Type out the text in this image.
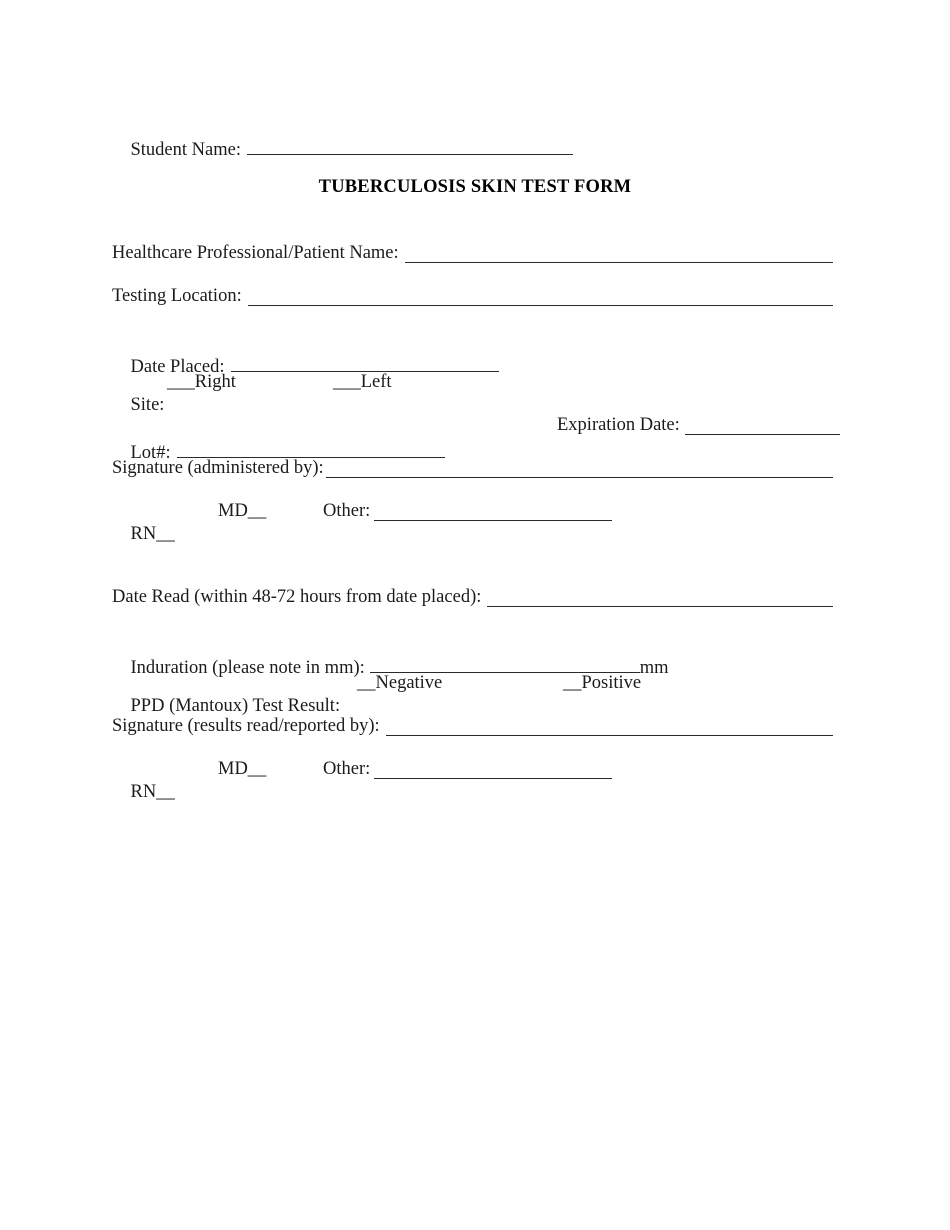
Student Name:

TUBERCULOSIS SKIN TEST FORM
Healthcare Professional/Patient Name:
Testing Location:

Date Placed:

Site:

___Right

	___Left

Lot#:

Expiration Date:

Signature (administered by):

RN__

MD__

	Other:

Date Read (within 48-72 hours from date placed):

Induration (please note in mm):	mm

PPD (Mantoux) Test Result:

__Negative

	__Positive

Signature (results read/reported by):

RN__

MD__

	Other:
